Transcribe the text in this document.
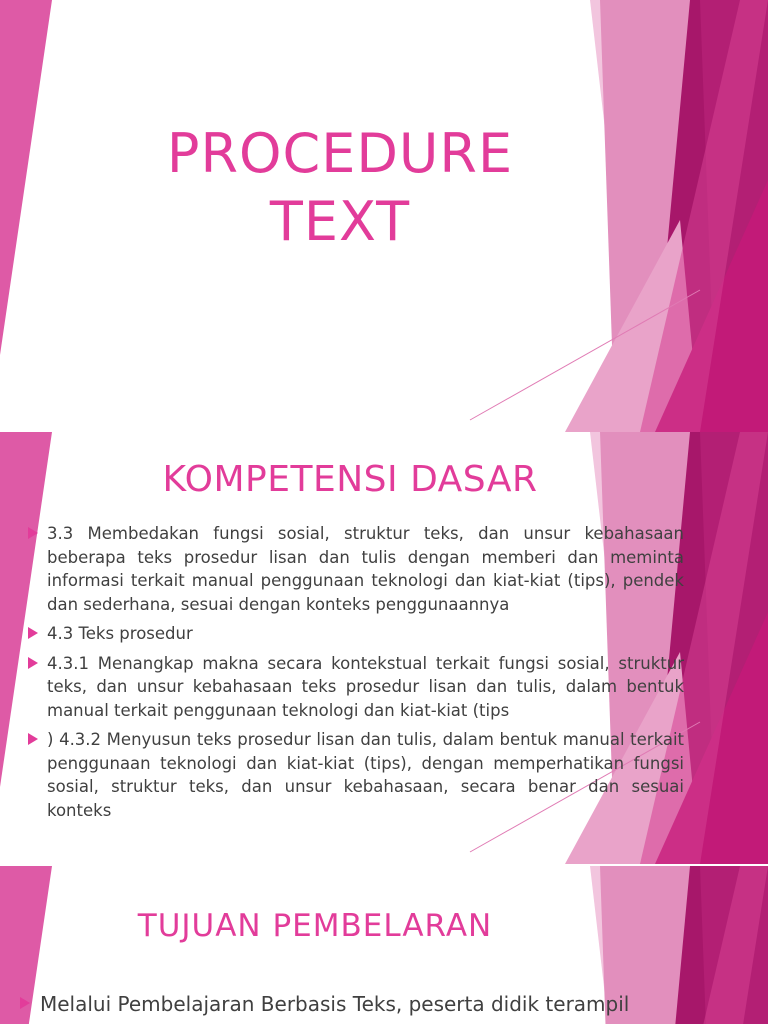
PROCEDURE
TEXT
KOMPETENSI DASAR
3.3 Membedakan fungsi sosial, struktur teks, dan unsur kebahasaan beberapa teks prosedur lisan dan tulis dengan memberi dan meminta informasi terkait manual penggunaan teknologi dan kiat-kiat (tips), pendek dan sederhana, sesuai dengan konteks penggunaannya
4.3 Teks prosedur
4.3.1 Menangkap makna secara kontekstual terkait fungsi sosial, struktur teks, dan unsur kebahasaan teks prosedur lisan dan tulis, dalam bentuk manual terkait penggunaan teknologi dan kiat-kiat (tips
) 4.3.2 Menyusun teks prosedur lisan dan tulis, dalam bentuk manual terkait penggunaan teknologi dan kiat-kiat (tips), dengan memperhatikan fungsi sosial, struktur teks, dan unsur kebahasaan, secara benar dan sesuai konteks
TUJUAN PEMBELARAN
Melalui Pembelajaran Berbasis Teks, peserta didik terampil
